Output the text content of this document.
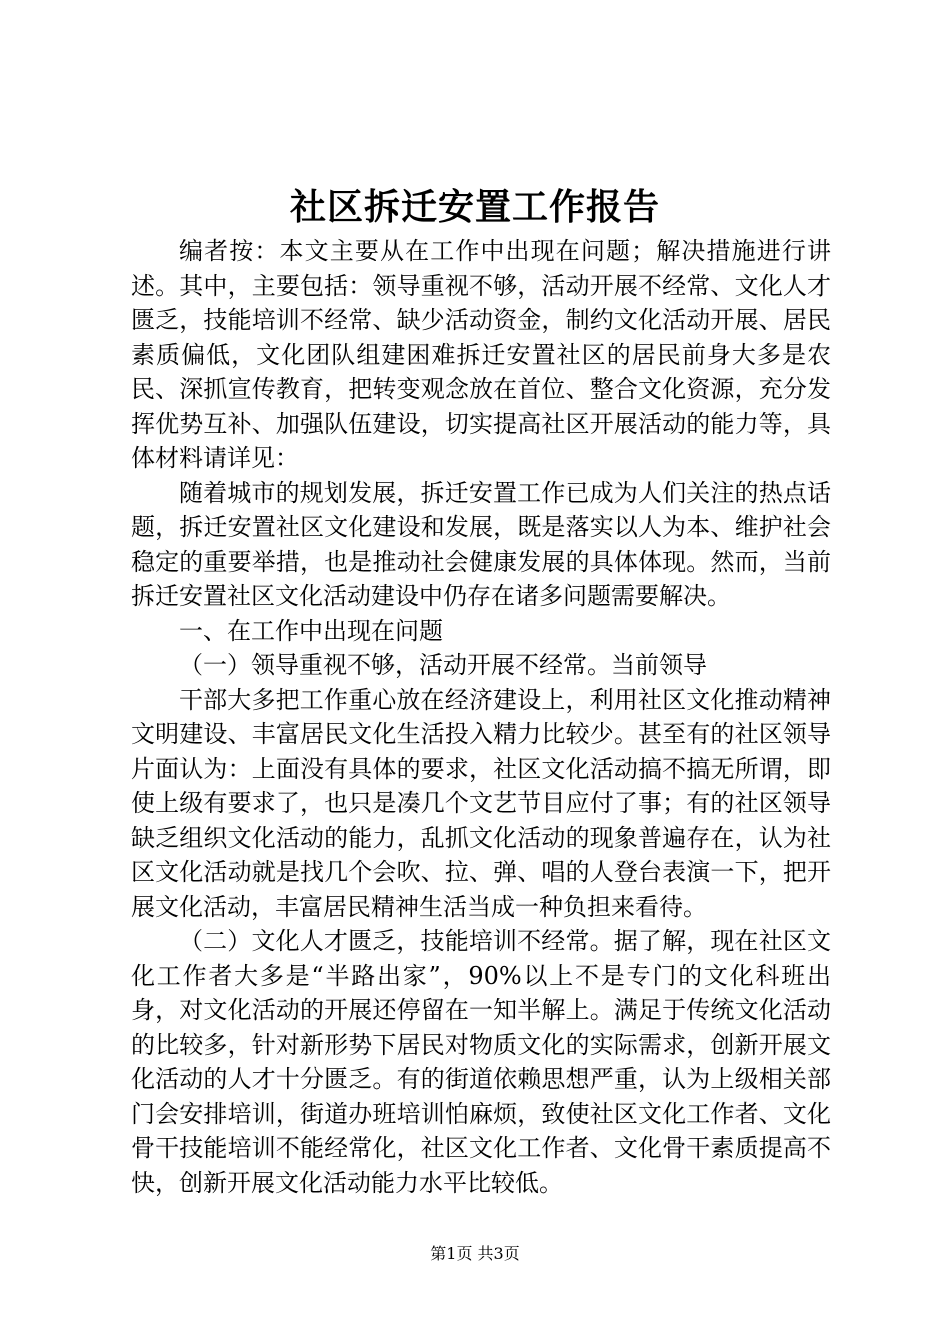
社区拆迁安置工作报告

编者按：本文主要从在工作中出现在问题；解决措施进行讲述。其中，主要包括：领导重视不够，活动开展不经常、文化人才匮乏，技能培训不经常、缺少活动资金，制约文化活动开展、居民素质偏低，文化团队组建困难拆迁安置社区的居民前身大多是农民、深抓宣传教育，把转变观念放在首位、整合文化资源，充分发挥优势互补、加强队伍建设，切实提高社区开展活动的能力等，具体材料请详见：

随着城市的规划发展，拆迁安置工作已成为人们关注的热点话题，拆迁安置社区文化建设和发展，既是落实以人为本、维护社会稳定的重要举措，也是推动社会健康发展的具体体现。然而，当前拆迁安置社区文化活动建设中仍存在诸多问题需要解决。

一、在工作中出现在问题

（一）领导重视不够，活动开展不经常。当前领导

干部大多把工作重心放在经济建设上，利用社区文化推动精神文明建设、丰富居民文化生活投入精力比较少。甚至有的社区领导片面认为：上面没有具体的要求，社区文化活动搞不搞无所谓，即使上级有要求了，也只是凑几个文艺节目应付了事；有的社区领导缺乏组织文化活动的能力，乱抓文化活动的现象普遍存在，认为社区文化活动就是找几个会吹、拉、弹、唱的人登台表演一下，把开展文化活动，丰富居民精神生活当成一种负担来看待。

（二）文化人才匮乏，技能培训不经常。据了解，现在社区文化工作者大多是“半路出家”，90%以上不是专门的文化科班出身，对文化活动的开展还停留在一知半解上。满足于传统文化活动的比较多，针对新形势下居民对物质文化的实际需求，创新开展文化活动的人才十分匮乏。有的街道依赖思想严重，认为上级相关部门会安排培训，街道办班培训怕麻烦，致使社区文化工作者、文化骨干技能培训不能经常化，社区文化工作者、文化骨干素质提高不快，创新开展文化活动能力水平比较低。

第1页 共3页
